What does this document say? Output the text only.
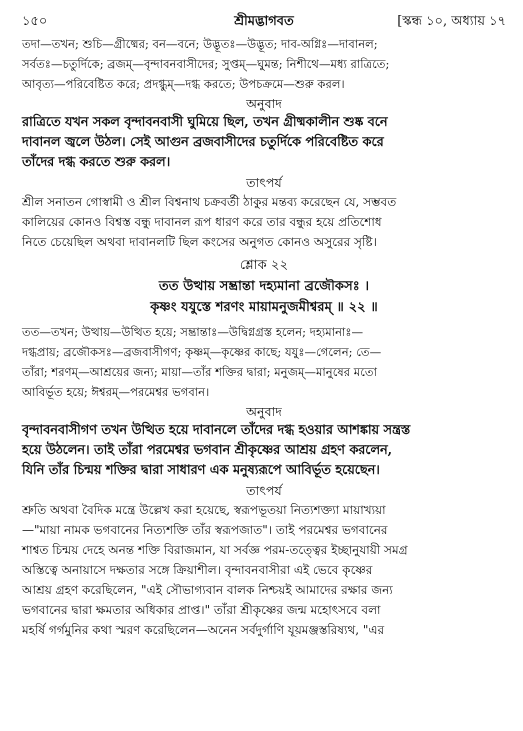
১৫০	শ্রীমদ্ভাগবত	[স্কন্ধ ১০, অধ্যায় ১৭
তদা—তখন; শুচি—গ্রীষ্মের; বন—বনে; উদ্ভূতঃ—উদ্ভূত; দাব-অগ্নিঃ—দাবানল;
সর্বতঃ—চতুর্দিকে; ব্রজম্—বৃন্দাবনবাসীদের; সুপ্তম্—ঘুমন্ত; নিশীথে—মধ্য রাত্রিতে;
আবৃত্য—পরিবেষ্টিত করে; প্রদগ্ধুম্—দগ্ধ করতে; উপচক্রমে—শুরু করল।
অনুবাদ
রাত্রিতে যখন সকল বৃন্দাবনবাসী ঘুমিয়ে ছিল, তখন গ্রীষ্মকালীন শুষ্ক বনে
দাবানল জ্বলে উঠল। সেই আগুন ব্রজবাসীদের চতুর্দিকে পরিবেষ্টিত করে
তাঁদের দগ্ধ করতে শুরু করল।
তাৎপর্য
শ্রীল সনাতন গোস্বামী ও শ্রীল বিশ্বনাথ চক্রবর্তী ঠাকুর মন্তব্য করেছেন যে, সম্ভবত
কালিয়ের কোনও বিশ্বস্ত বন্ধু দাবানল রূপ ধারণ করে তার বন্ধুর হয়ে প্রতিশোধ
নিতে চেয়েছিল অথবা দাবানলটি ছিল কংসের অনুগত কোনও অসুরের সৃষ্টি।
শ্লোক ২২
তত উত্থায় সম্ভ্রান্তা দহ্যমানা ব্রজৌকসঃ ।
কৃষ্ণং যযুস্তে শরণং মায়ামনুজমীশ্বরম্ ॥ ২২ ॥
তত—তখন; উত্থায়—উত্থিত হয়ে; সম্ভ্রান্তাঃ—উদ্বিগ্নগ্রস্ত হলেন; দহ্যমানাঃ—
দগ্ধপ্রায়; ব্রজৌকসঃ—ব্রজবাসীগণ; কৃষ্ণম্—কৃষ্ণের কাছে; যযুঃ—গেলেন; তে—
তাঁরা; শরণম্—আশ্রয়ের জন্য; মায়া—তাঁর শক্তির দ্বারা; মনুজম্—মানুষের মতো
আবির্ভূত হয়ে; ঈশ্বরম্—পরমেশ্বর ভগবান।
অনুবাদ
বৃন্দাবনবাসীগণ তখন উত্থিত হয়ে দাবানলে তাঁদের দগ্ধ হওয়ার আশঙ্কায় সন্ত্রস্ত
হয়ে উঠলেন। তাই তাঁরা পরমেশ্বর ভগবান শ্রীকৃষ্ণের আশ্রয় গ্রহণ করলেন,
যিনি তাঁর চিন্ময় শক্তির দ্বারা সাধারণ এক মনুষ্যরূপে আবির্ভূত হয়েছেন।
তাৎপর্য
শ্রুতি অথবা বৈদিক মন্ত্রে উল্লেখ করা হয়েছে, স্বরূপভূতয়া নিত্যশক্ত্যা মায়াখ্যয়া
—"মায়া নামক ভগবানের নিত্যশক্তি তাঁর স্বরূপজাত"। তাই পরমেশ্বর ভগবানের
শাশ্বত চিন্ময় দেহে অনন্ত শক্তি বিরাজমান, যা সর্বজ্ঞ পরম-তত্ত্বের ইচ্ছানুযায়ী সমগ্র
অস্তিত্বে অনায়াসে দক্ষতার সঙ্গে ক্রিয়াশীল। বৃন্দাবনবাসীরা এই ভেবে কৃষ্ণের
আশ্রয় গ্রহণ করেছিলেন, "এই সৌভাগ্যবান বালক নিশ্চয়ই আমাদের রক্ষার জন্য
ভগবানের দ্বারা ক্ষমতার অধিকার প্রাপ্ত।" তাঁরা শ্রীকৃষ্ণের জন্ম মহোৎসবে বলা
মহর্ষি গর্গমুনির কথা স্মরণ করেছিলেন—অনেন সর্বদুর্গাণি যূয়মঞ্জস্তরিষ্যথ, "এর
